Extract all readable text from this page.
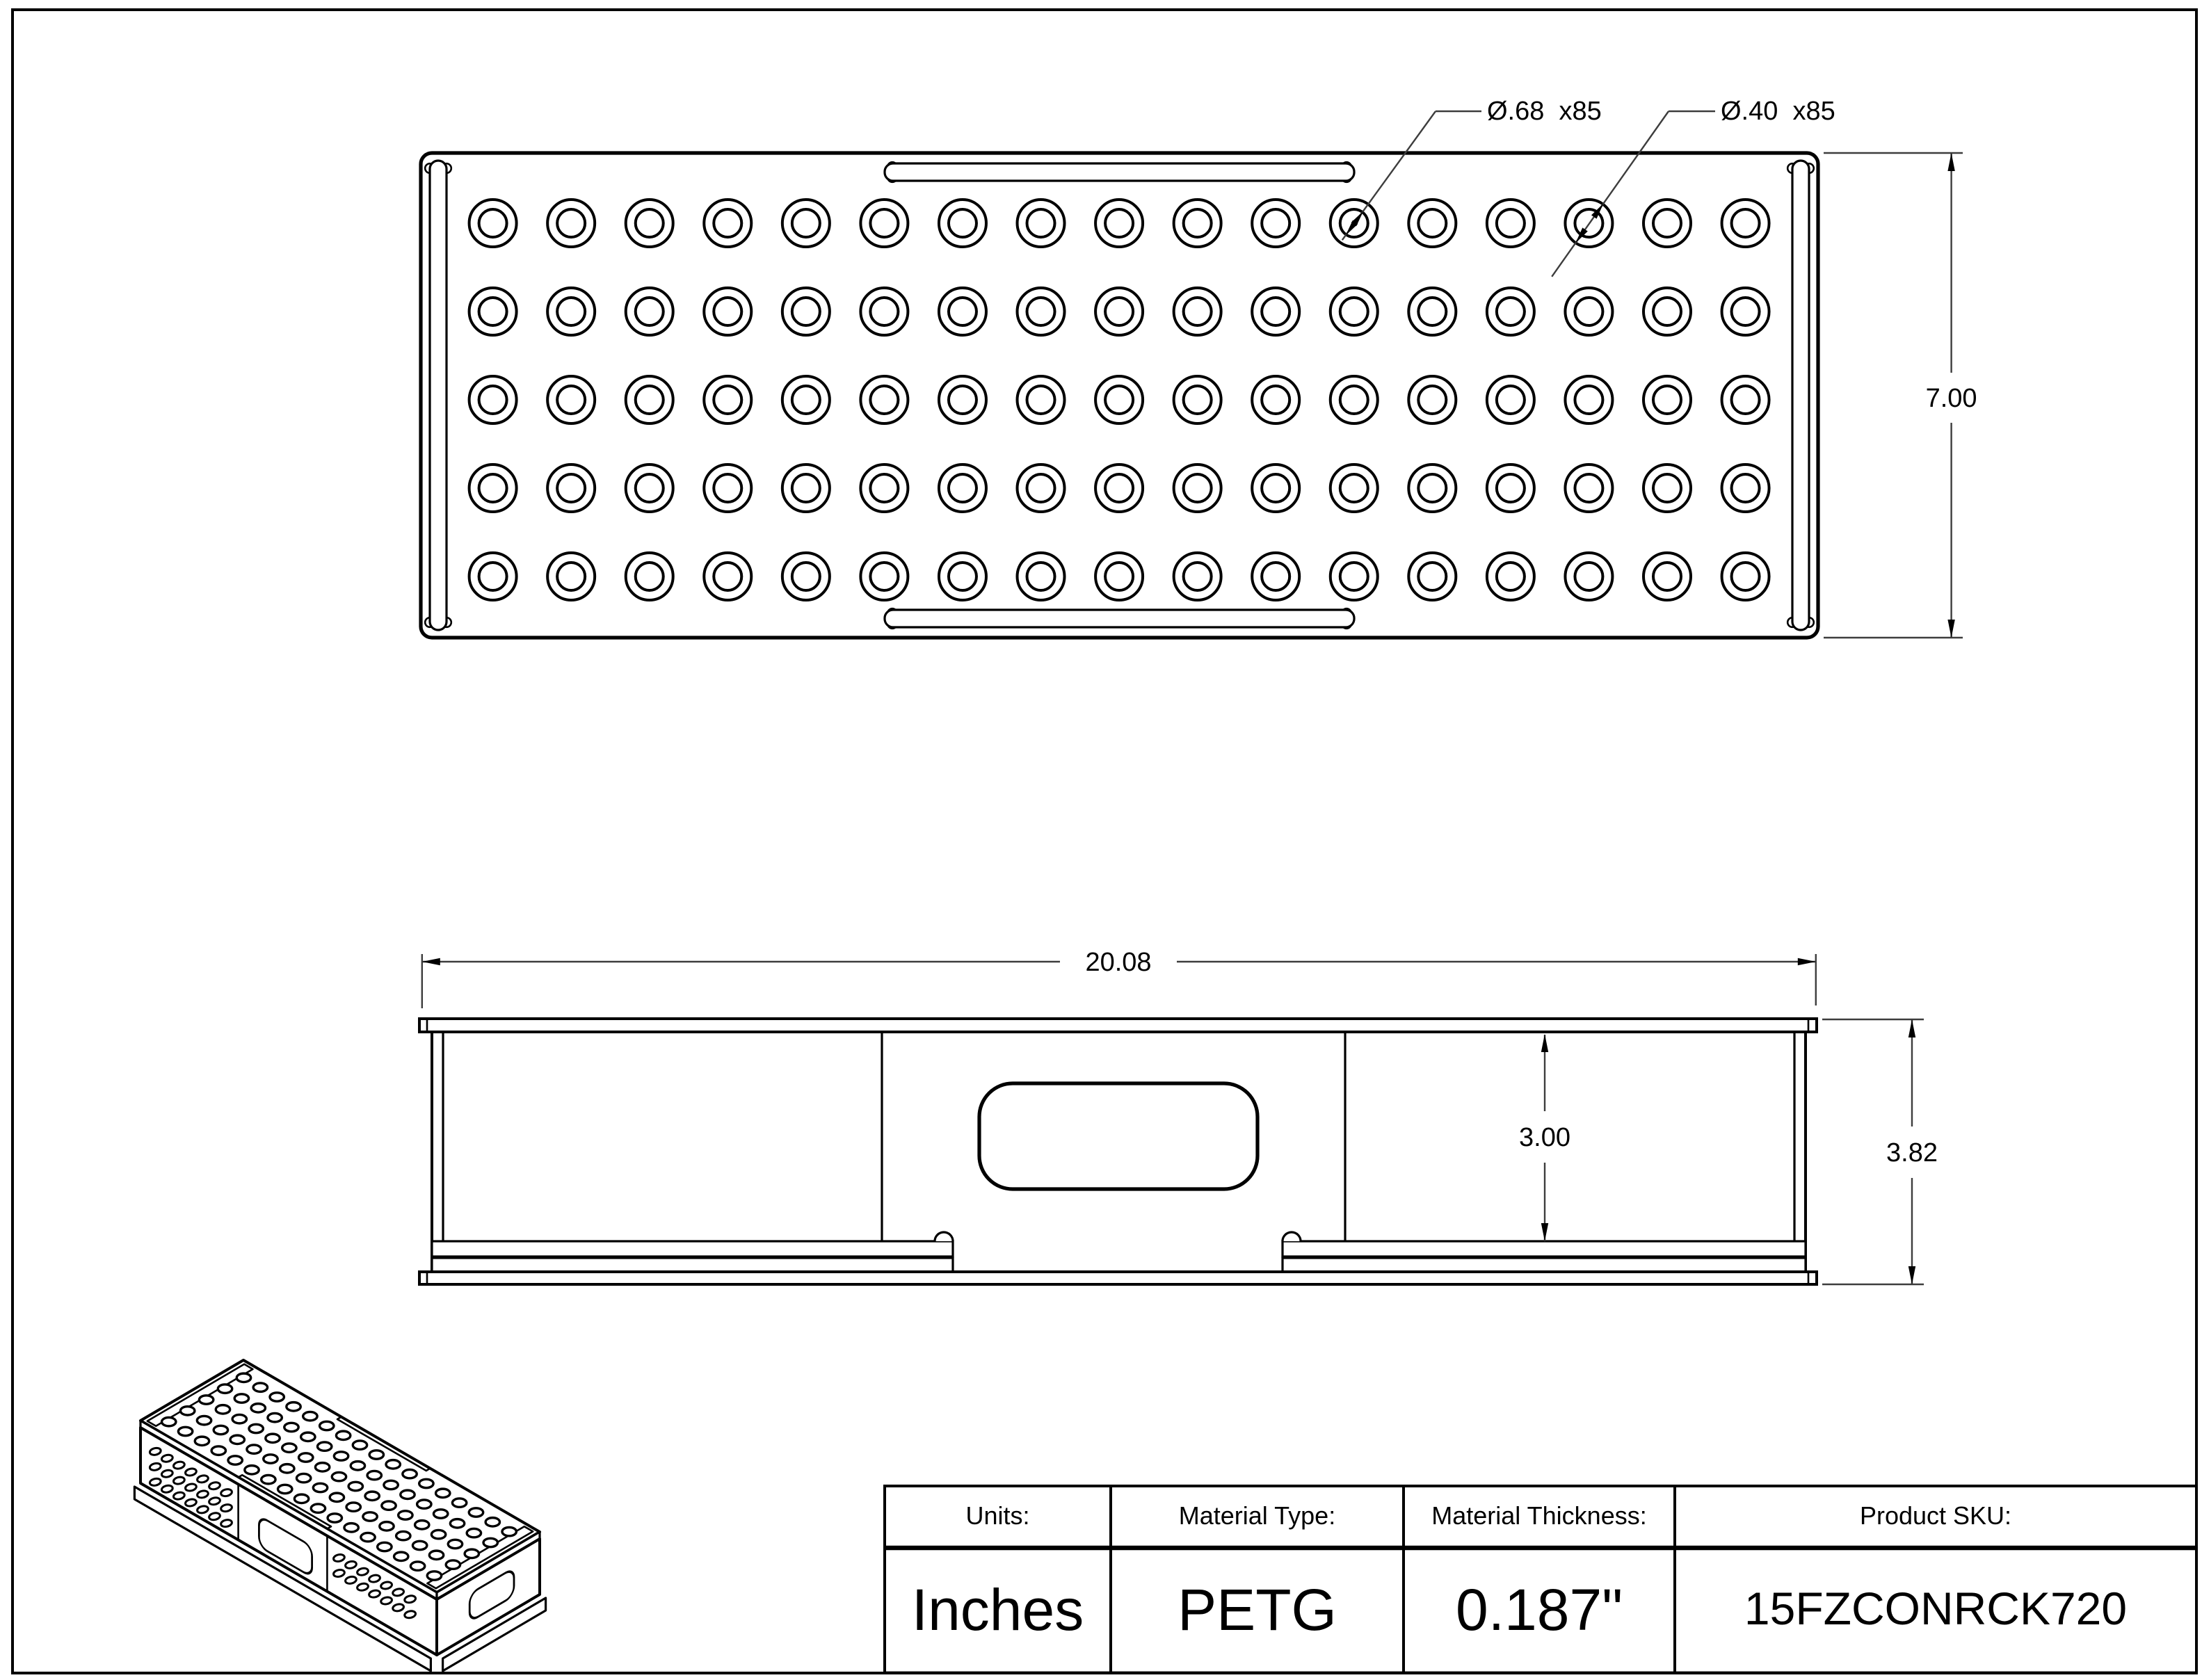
7.00
Ø.68  x85	Ø.40  x85
20.08
3.00
3.82
Units:	Material Type:	Material Thickness:	Product SKU:
Inches	PETG	0.187"	15FZCONRCK720
